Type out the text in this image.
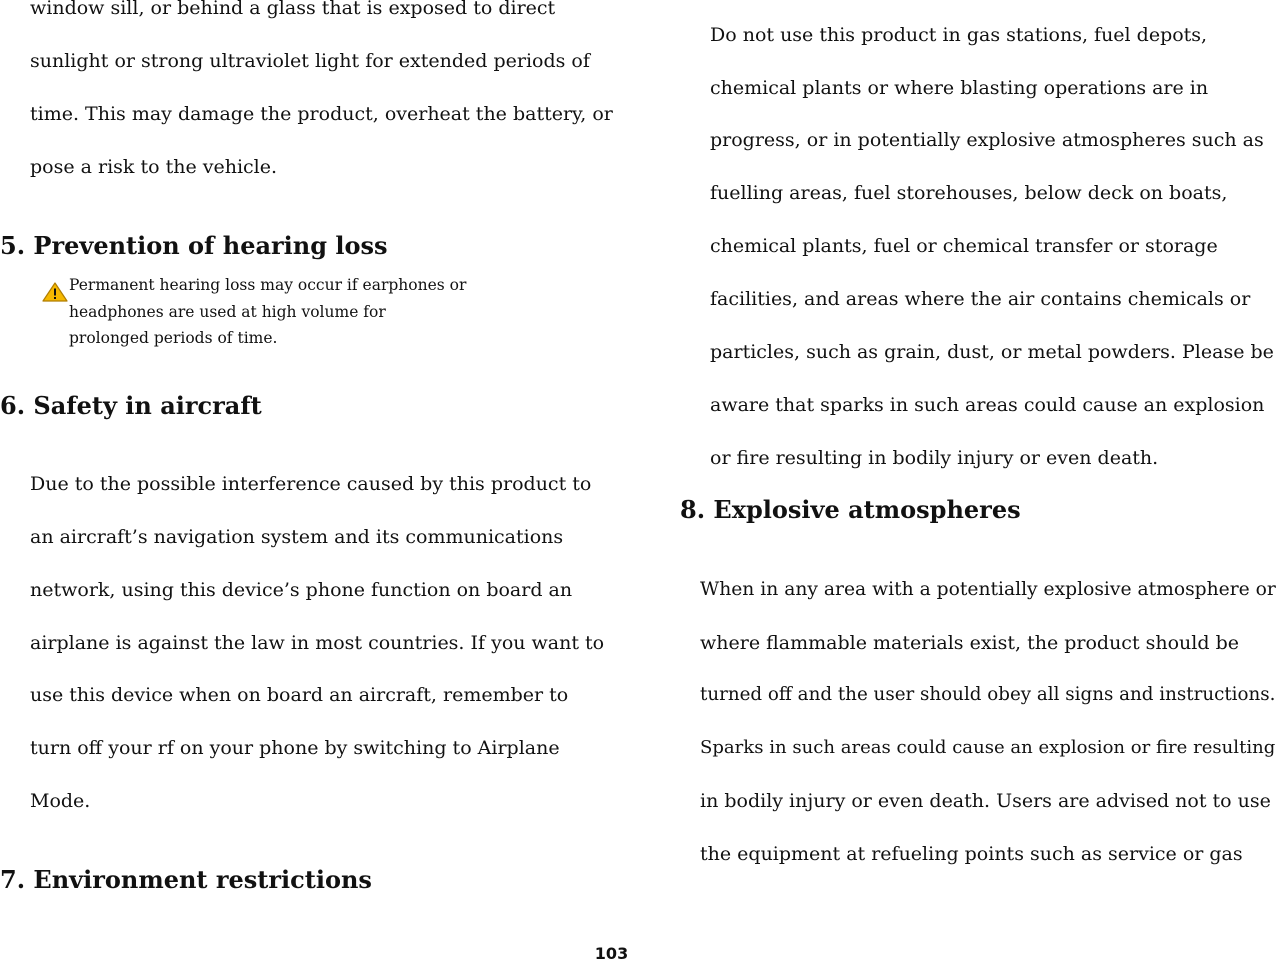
window sill, or behind a glass that is exposed to direct
sunlight or strong ultraviolet light for extended periods of
time. This may damage the product, overheat the battery, or
pose a risk to the vehicle.
5. Prevention of hearing loss
Permanent hearing loss may occur if earphones or
headphones are used at high volume for
prolonged periods of time.
6. Safety in aircraft
Due to the possible interference caused by this product to
an aircraft’s navigation system and its communications
network, using this device’s phone function on board an
airplane is against the law in most countries. If you want to
use this device when on board an aircraft, remember to
turn off your rf on your phone by switching to Airplane
Mode.
7. Environment restrictions
Do not use this product in gas stations, fuel depots,
chemical plants or where blasting operations are in
progress, or in potentially explosive atmospheres such as
fuelling areas, fuel storehouses, below deck on boats,
chemical plants, fuel or chemical transfer or storage
facilities, and areas where the air contains chemicals or
particles, such as grain, dust, or metal powders. Please be
aware that sparks in such areas could cause an explosion
or fire resulting in bodily injury or even death.
8. Explosive atmospheres
When in any area with a potentially explosive atmosphere or
where flammable materials exist, the product should be
turned off and the user should obey all signs and instructions.
Sparks in such areas could cause an explosion or fire resulting
in bodily injury or even death. Users are advised not to use
the equipment at refueling points such as service or gas
103
